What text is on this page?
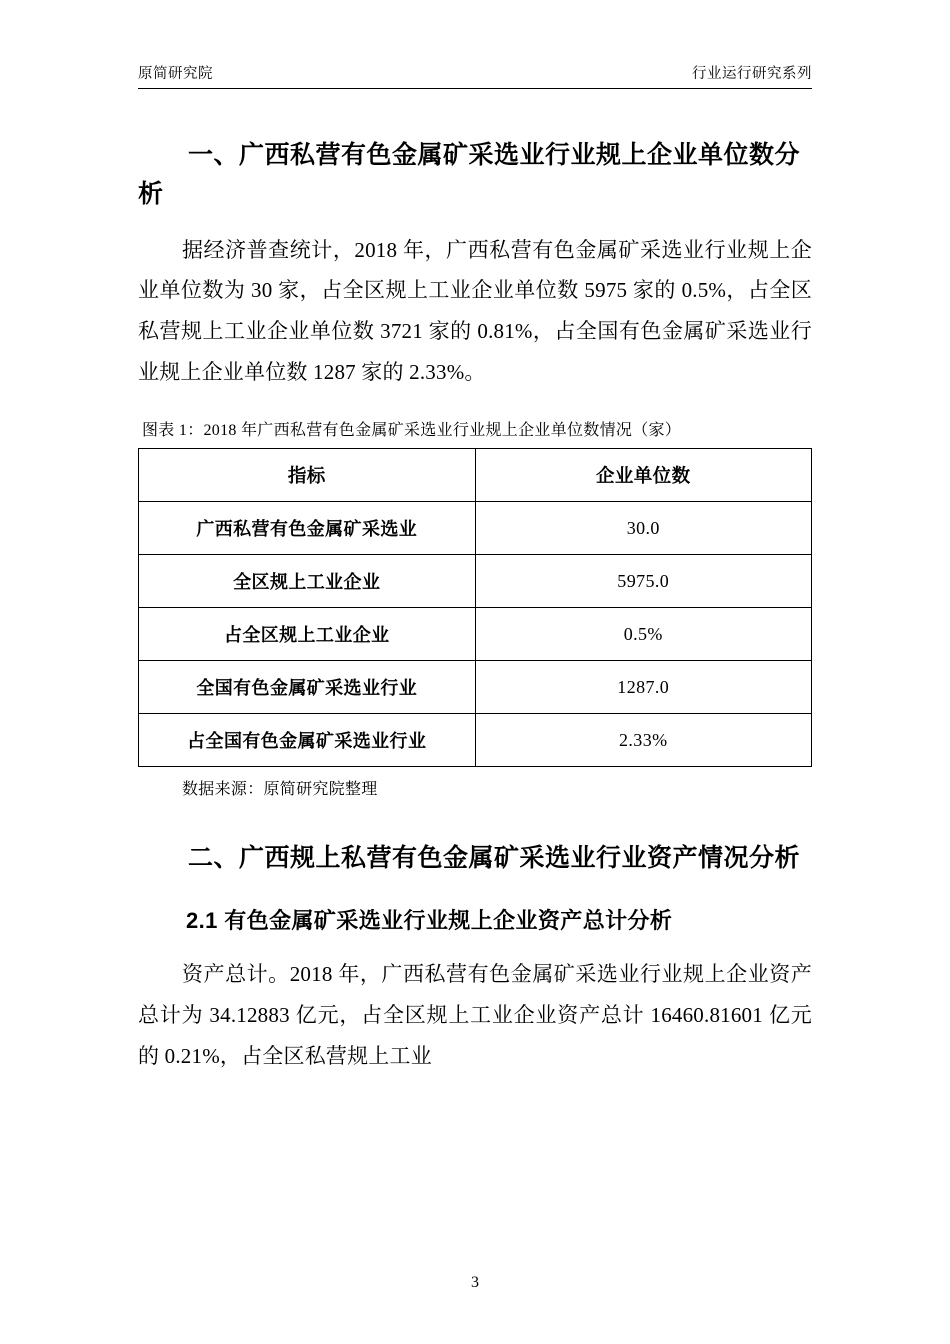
原简研究院	行业运行研究系列
一、广西私营有色金属矿采选业行业规上企业单位数分析

据经济普查统计，2018 年，广西私营有色金属矿采选业行业规上企业单位数为 30 家，占全区规上工业企业单位数 5975 家的 0.5%，占全区私营规上工业企业单位数 3721 家的 0.81%，占全国有色金属矿采选业行业规上企业单位数 1287 家的 2.33%。

图表 1：2018 年广西私营有色金属矿采选业行业规上企业单位数情况（家）
指标	企业单位数
广西私营有色金属矿采选业	30.0
全区规上工业企业	5975.0
占全区规上工业企业	0.5%
全国有色金属矿采选业行业	1287.0
占全国有色金属矿采选业行业	2.33%
数据来源：原简研究院整理
二、广西规上私营有色金属矿采选业行业资产情况分析
2.1 有色金属矿采选业行业规上企业资产总计分析

资产总计。2018 年，广西私营有色金属矿采选业行业规上企业资产总计为 34.12883 亿元，占全区规上工业企业资产总计 16460.81601 亿元的 0.21%，占全区私营规上工业

3
